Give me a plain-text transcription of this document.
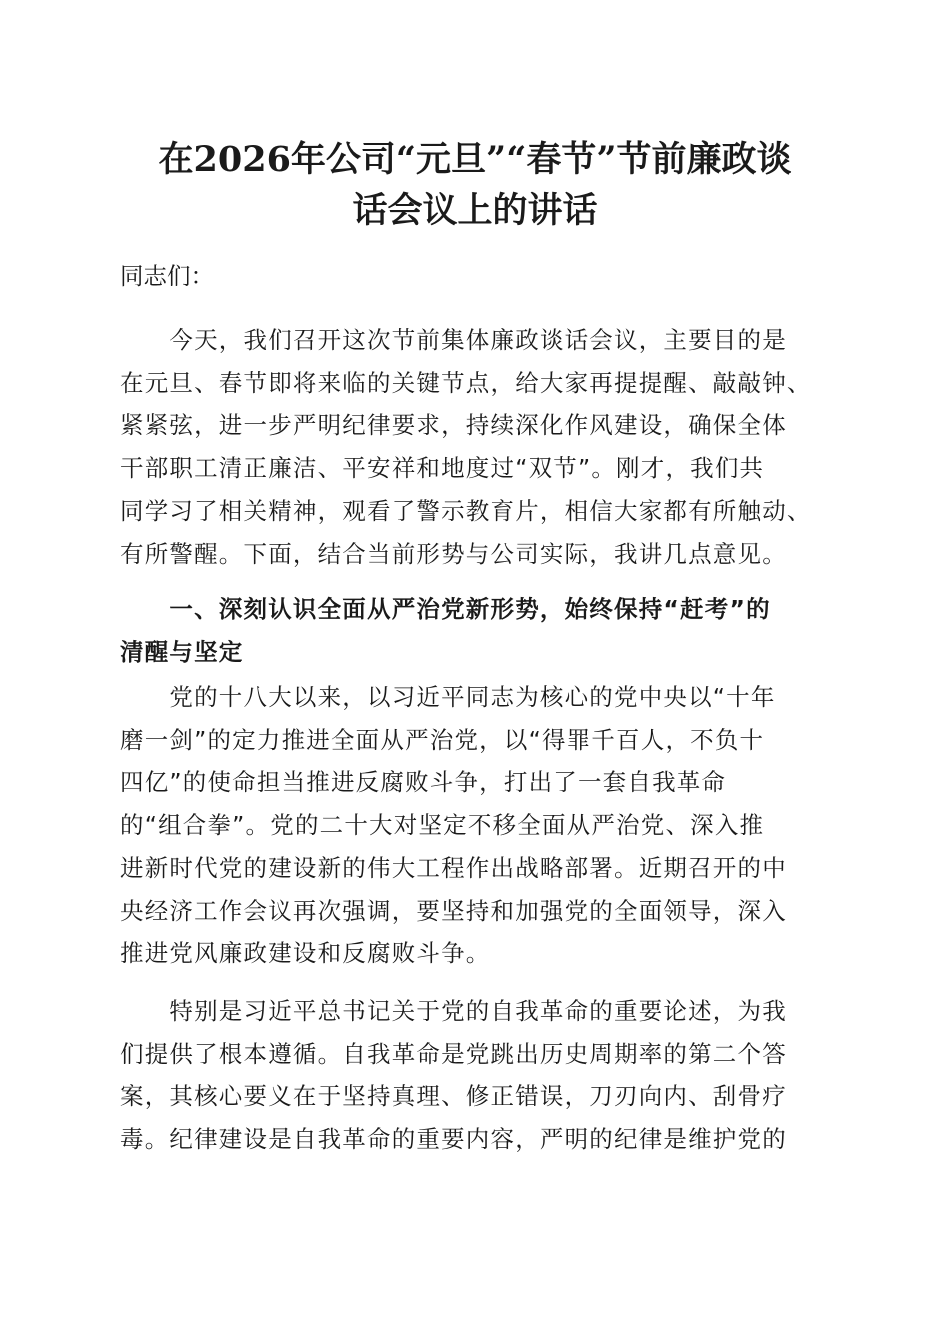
在2026年公司“元旦”“春节”节前廉政谈
话会议上的讲话

同志们：

　　今天，我们召开这次节前集体廉政谈话会议，主要目的是
在元旦、春节即将来临的关键节点，给大家再提提醒、敲敲钟、
紧紧弦，进一步严明纪律要求，持续深化作风建设，确保全体
干部职工清正廉洁、平安祥和地度过“双节”。刚才，我们共
同学习了相关精神，观看了警示教育片，相信大家都有所触动、
有所警醒。下面，结合当前形势与公司实际，我讲几点意见。

　　一、深刻认识全面从严治党新形势，始终保持“赶考”的
清醒与坚定

　　党的十八大以来，以习近平同志为核心的党中央以“十年
磨一剑”的定力推进全面从严治党，以“得罪千百人，不负十
四亿”的使命担当推进反腐败斗争，打出了一套自我革命
的“组合拳”。党的二十大对坚定不移全面从严治党、深入推
进新时代党的建设新的伟大工程作出战略部署。近期召开的中
央经济工作会议再次强调，要坚持和加强党的全面领导，深入
推进党风廉政建设和反腐败斗争。

　　特别是习近平总书记关于党的自我革命的重要论述，为我
们提供了根本遵循。自我革命是党跳出历史周期率的第二个答
案，其核心要义在于坚持真理、修正错误，刀刃向内、刮骨疗
毒。纪律建设是自我革命的重要内容，严明的纪律是维护党的
